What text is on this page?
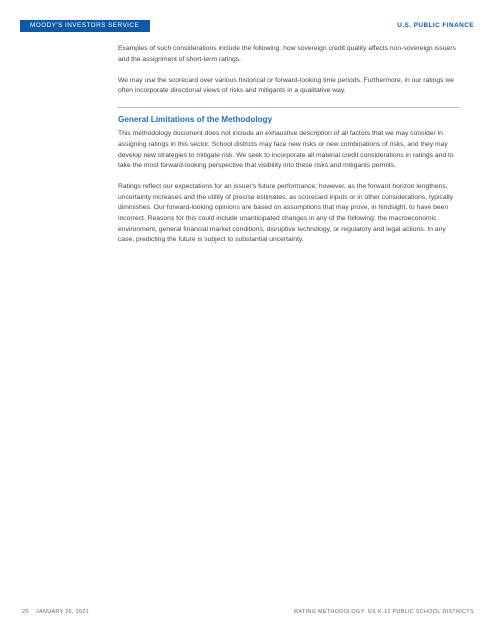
MOODY'S INVESTORS SERVICE	U.S. PUBLIC FINANCE

Examples of such considerations include the following: how sovereign credit quality affects non-sovereign issuers and the assignment of short-term ratings.

We may use the scorecard over various historical or forward-looking time periods. Furthermore, in our ratings we often incorporate directional views of risks and mitigants in a qualitative way.

General Limitations of the Methodology

This methodology document does not include an exhaustive description of all factors that we may consider in assigning ratings in this sector. School districts may face new risks or new combinations of risks, and they may develop new strategies to mitigate risk. We seek to incorporate all material credit considerations in ratings and to take the most forward-looking perspective that visibility into these risks and mitigants permits.

Ratings reflect our expectations for an issuer's future performance; however, as the forward horizon lengthens, uncertainty increases and the utility of precise estimates, as scorecard inputs or in other considerations, typically diminishes. Our forward-looking opinions are based on assumptions that may prove, in hindsight, to have been incorrect. Reasons for this could include unanticipated changes in any of the following: the macroeconomic environment, general financial market conditions, disruptive technology, or regulatory and legal actions. In any case, predicting the future is subject to substantial uncertainty.

20 JANUARY 26, 2021	RATING METHODOLOGY: US K-12 PUBLIC SCHOOL DISTRICTS
